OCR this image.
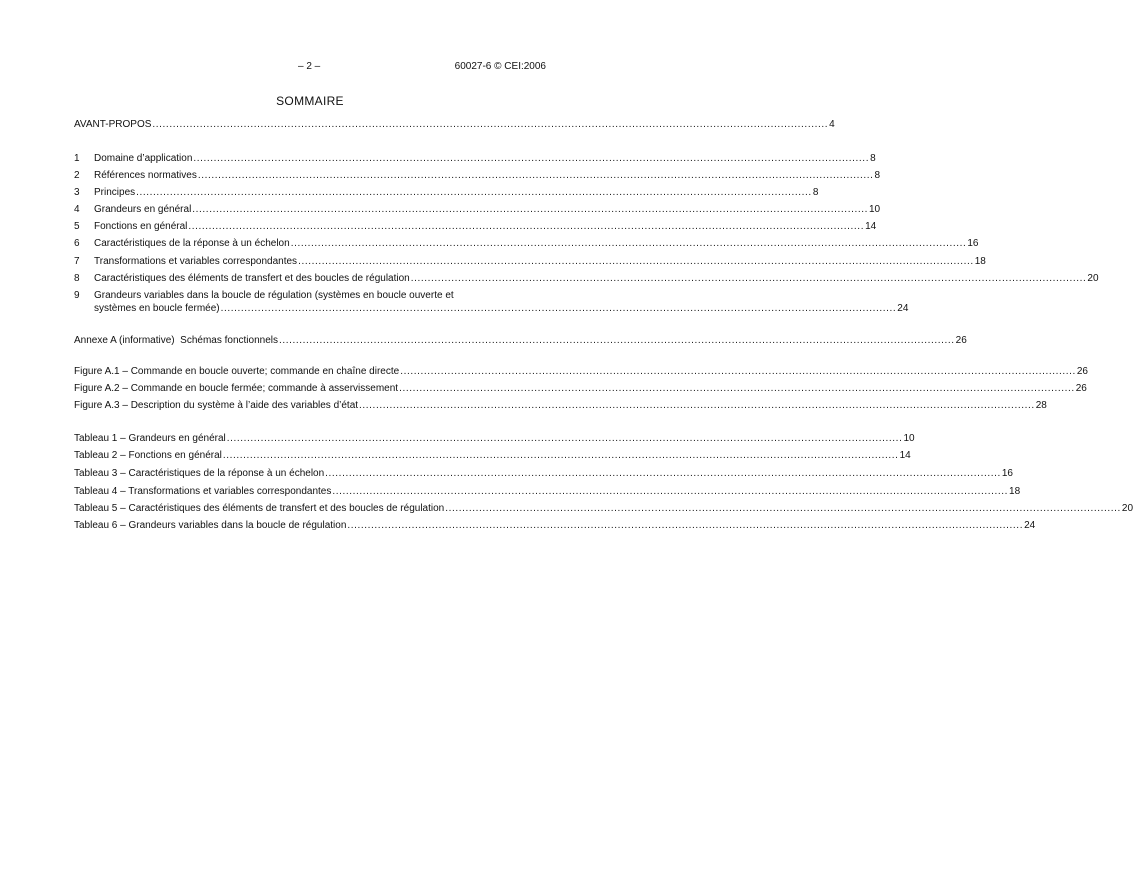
– 2 –	60027-6 © CEI:2006
SOMMAIRE
AVANT-PROPOS ........................................................................................................................................................................................................ 4
1 Domaine d’application ........................................................................................................................................................................................................ 8
2 Références normatives ........................................................................................................................................................................................................ 8
3 Principes ........................................................................................................................................................................................................ 8
4 Grandeurs en général ........................................................................................................................................................................................................ 10
5 Fonctions en général ........................................................................................................................................................................................................ 14
6 Caractéristiques de la réponse à un échelon ........................................................................................................................................................................................................ 16
7 Transformations et variables correspondantes ........................................................................................................................................................................................................ 18
8 Caractéristiques des éléments de transfert et des boucles de régulation ........................................................................................................................................................................................................ 20
9 Grandeurs variables dans la boucle de régulation (systèmes en boucle ouverte et
systèmes en boucle fermée) ........................................................................................................................................................................................................ 24
Annexe A (informative)  Schémas fonctionnels ........................................................................................................................................................................................................ 26
Figure A.1 – Commande en boucle ouverte; commande en chaîne directe ........................................................................................................................................................................................................ 26
Figure A.2 – Commande en boucle fermée; commande à asservissement ........................................................................................................................................................................................................ 26
Figure A.3 – Description du système à l’aide des variables d’état ........................................................................................................................................................................................................ 28
Tableau 1 – Grandeurs en général ........................................................................................................................................................................................................ 10
Tableau 2 – Fonctions en général ........................................................................................................................................................................................................ 14
Tableau 3 – Caractéristiques de la réponse à un échelon ........................................................................................................................................................................................................ 16
Tableau 4 – Transformations et variables correspondantes ........................................................................................................................................................................................................ 18
Tableau 5 – Caractéristiques des éléments de transfert et des boucles de régulation ........................................................................................................................................................................................................ 20
Tableau 6 – Grandeurs variables dans la boucle de régulation ........................................................................................................................................................................................................ 24
